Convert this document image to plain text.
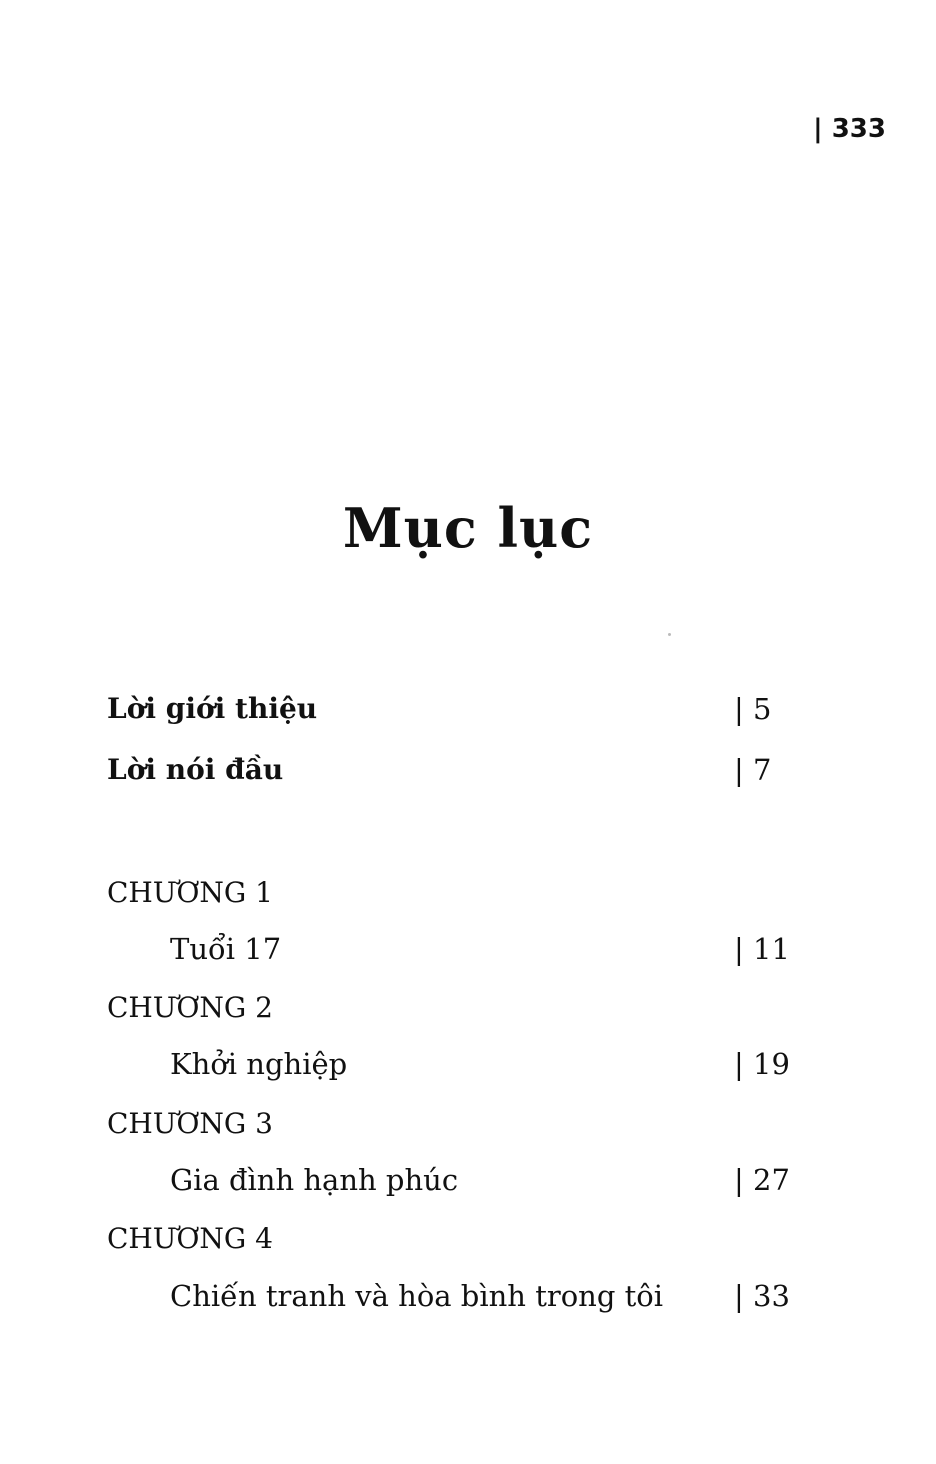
| 333
Mục lục
Lời giới thiệu	| 5
Lời nói đầu	| 7
CHƯƠNG 1
Tuổi 17	| 11
CHƯƠNG 2
Khởi nghiệp	| 19
CHƯƠNG 3
Gia đình hạnh phúc	| 27
CHƯƠNG 4
Chiến tranh và hòa bình trong tôi | 33
